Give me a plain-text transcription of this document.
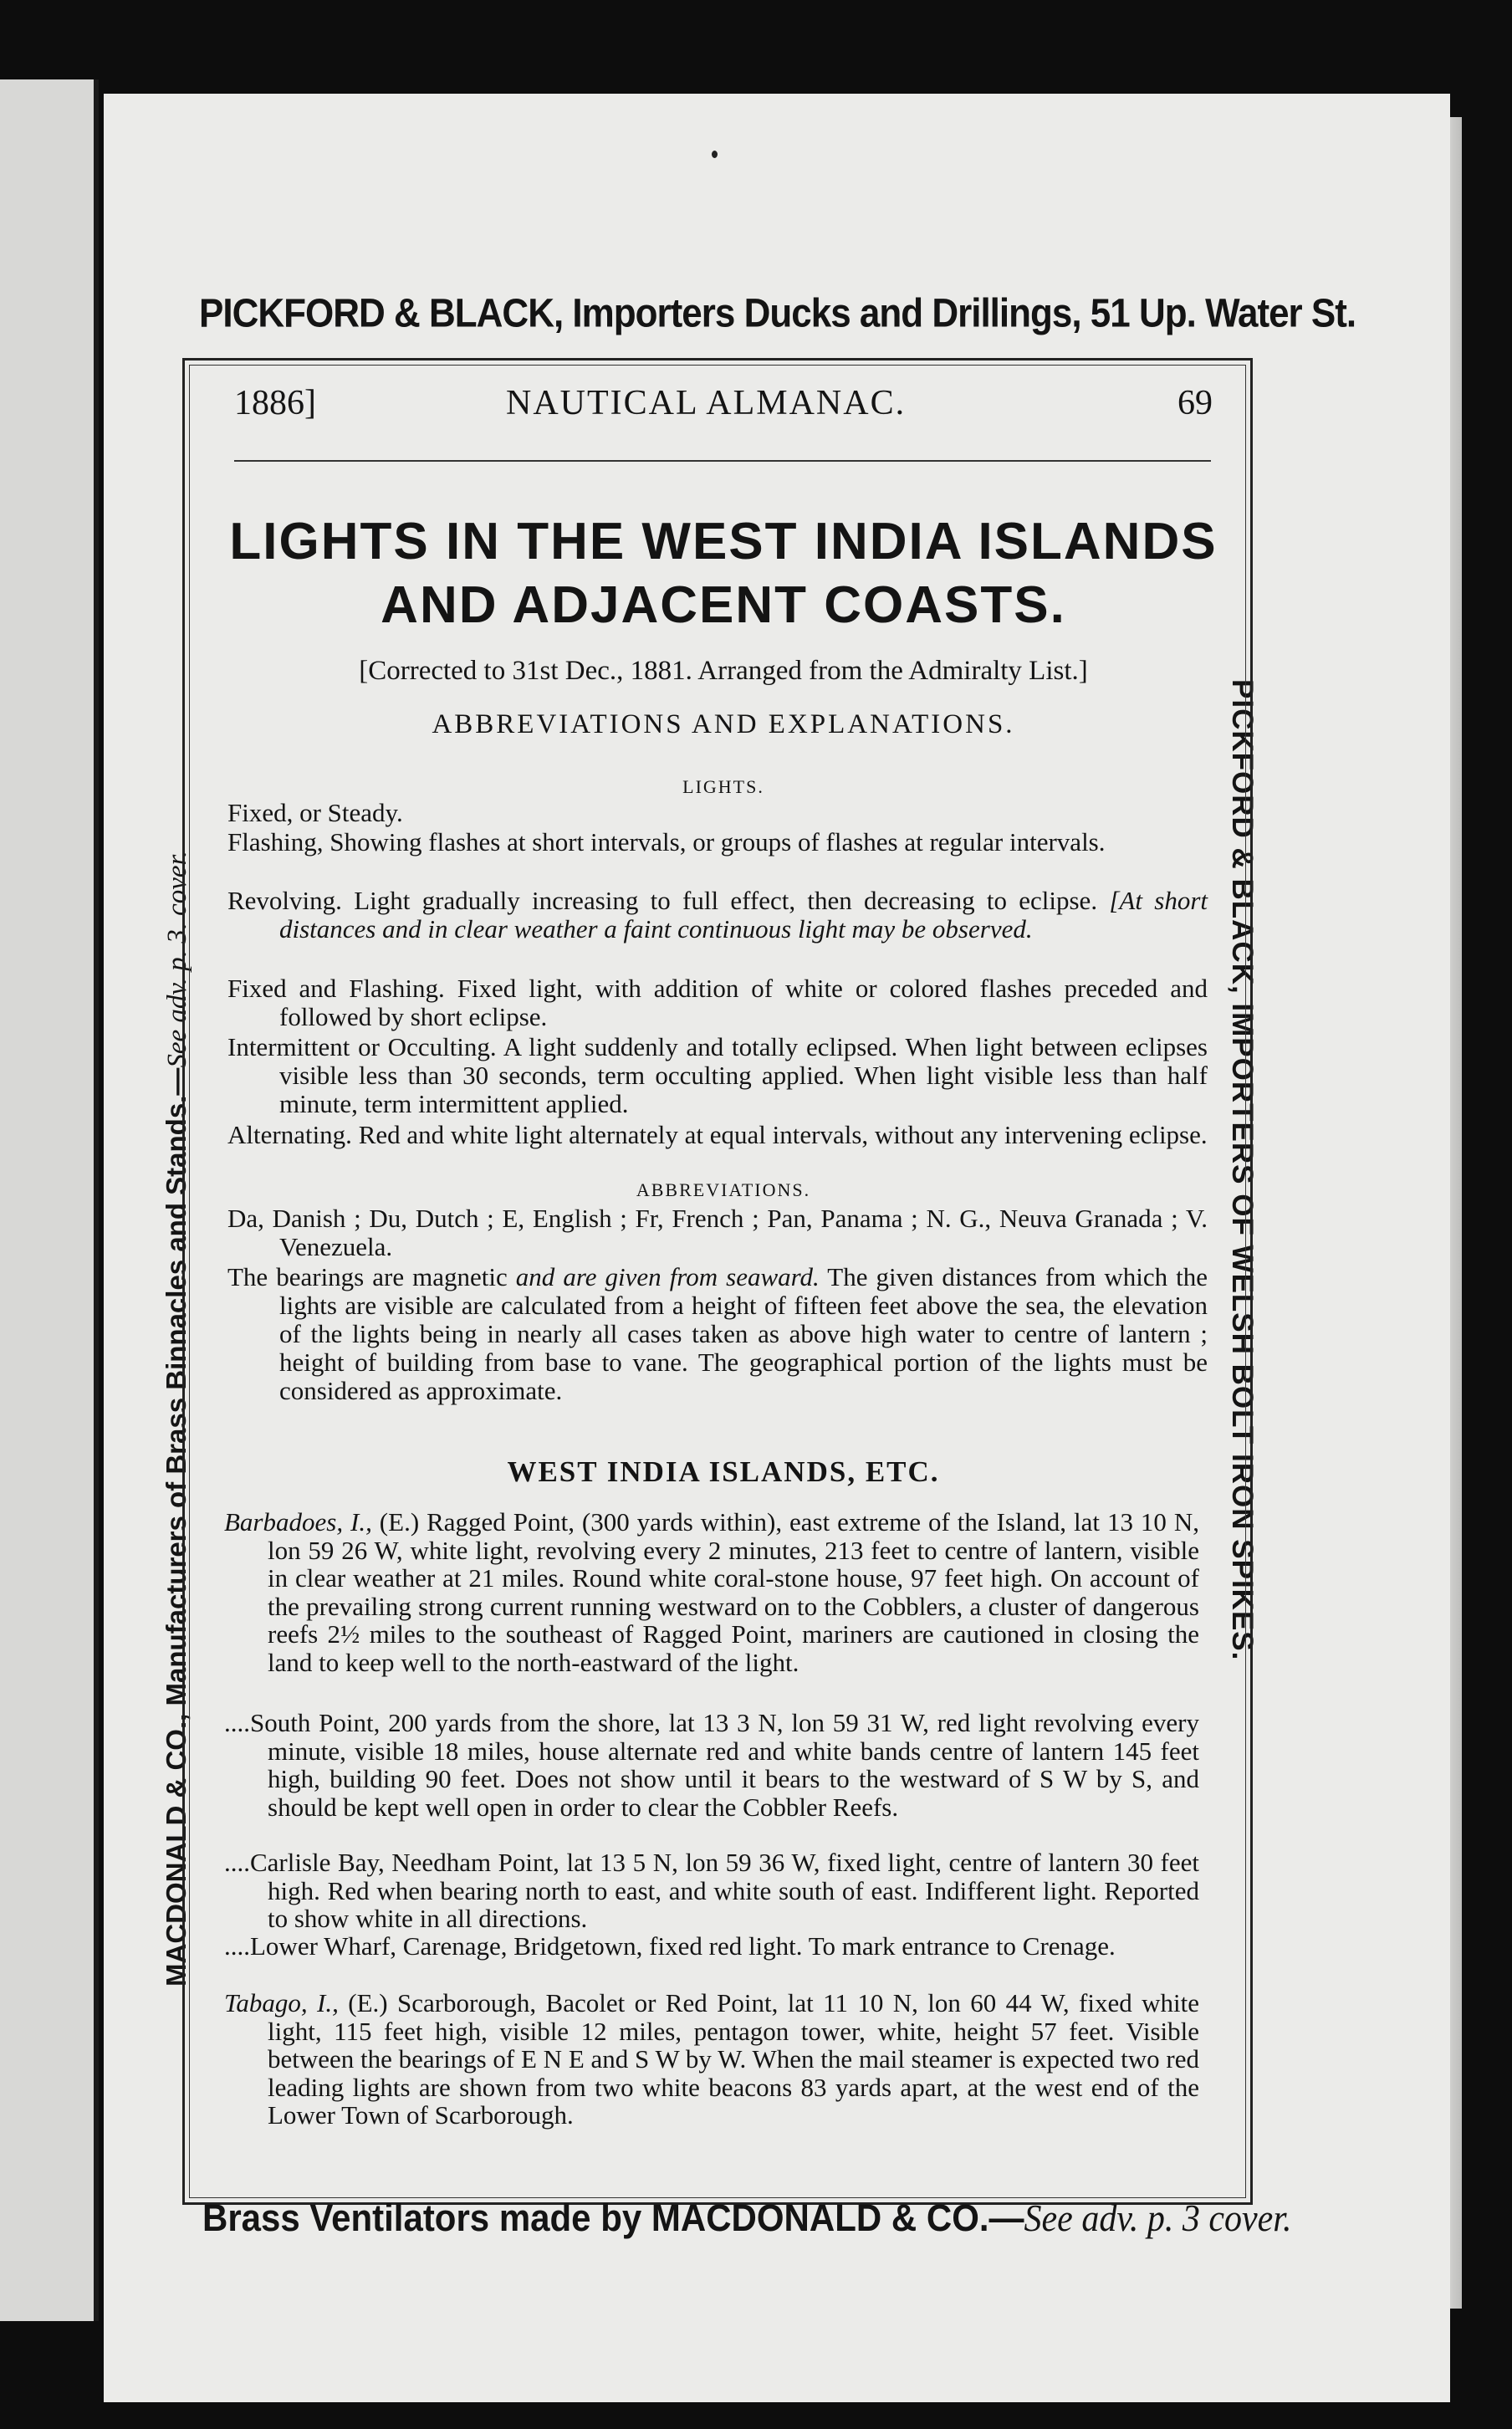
PICKFORD & BLACK, Importers Ducks and Drillings, 51 Up. Water St.
MACDONALD & CO., Manufacturers of Brass Binnacles and Stands.—See adv. p. 3. cover.	PICKFORD & BLACK, IMPORTERS OF WELSH BOLT IRON SPIKES.
1886]	NAUTICAL ALMANAC.	69
LIGHTS IN THE WEST INDIA ISLANDS
AND ADJACENT COASTS.
[Corrected to 31st Dec., 1881. Arranged from the Admiralty List.]
ABBREVIATIONS AND EXPLANATIONS.
LIGHTS.
Fixed, or Steady.
Flashing, Showing flashes at short intervals, or groups of flashes at regular intervals.
Revolving. Light gradually increasing to full effect, then decreasing to eclipse. [At short distances and in clear weather a faint continuous light may be observed.
Fixed and Flashing. Fixed light, with addition of white or colored flashes preceded and followed by short eclipse.
Intermittent or Occulting. A light suddenly and totally eclipsed. When light between eclipses visible less than 30 seconds, term occulting applied. When light visible less than half minute, term intermittent applied.
Alternating. Red and white light alternately at equal intervals, without any intervening eclipse.
ABBREVIATIONS.
Da, Danish ; Du, Dutch ; E, English ; Fr, French ; Pan, Panama ; N. G., Neuva Granada ; V. Venezuela.
The bearings are magnetic and are given from seaward. The given distances from which the lights are visible are calculated from a height of fifteen feet above the sea, the elevation of the lights being in nearly all cases taken as above high water to centre of lantern ; height of building from base to vane. The geographical portion of the lights must be considered as approximate.
WEST INDIA ISLANDS, ETC.
Barbadoes, I., (E.) Ragged Point, (300 yards within), east extreme of the Island, lat 13 10 N, lon 59 26 W, white light, revolving every 2 minutes, 213 feet to centre of lantern, visible in clear weather at 21 miles. Round white coral-stone house, 97 feet high. On account of the prevailing strong current running westward on to the Cobblers, a cluster of dangerous reefs 2½ miles to the southeast of Ragged Point, mariners are cautioned in closing the land to keep well to the north-eastward of the light.
....South Point, 200 yards from the shore, lat 13 3 N, lon 59 31 W, red light revolving every minute, visible 18 miles, house alternate red and white bands centre of lantern 145 feet high, building 90 feet. Does not show until it bears to the westward of S W by S, and should be kept well open in order to clear the Cobbler Reefs.
....Carlisle Bay, Needham Point, lat 13 5 N, lon 59 36 W, fixed light, centre of lantern 30 feet high. Red when bearing north to east, and white south of east. Indifferent light. Reported to show white in all directions.
....Lower Wharf, Carenage, Bridgetown, fixed red light. To mark entrance to Crenage.
Tabago, I., (E.) Scarborough, Bacolet or Red Point, lat 11 10 N, lon 60 44 W, fixed white light, 115 feet high, visible 12 miles, pentagon tower, white, height 57 feet. Visible between the bearings of E N E and S W by W. When the mail steamer is expected two red leading lights are shown from two white beacons 83 yards apart, at the west end of the Lower Town of Scarborough.
Brass Ventilators made by MACDONALD & CO.—See adv. p. 3 cover.
